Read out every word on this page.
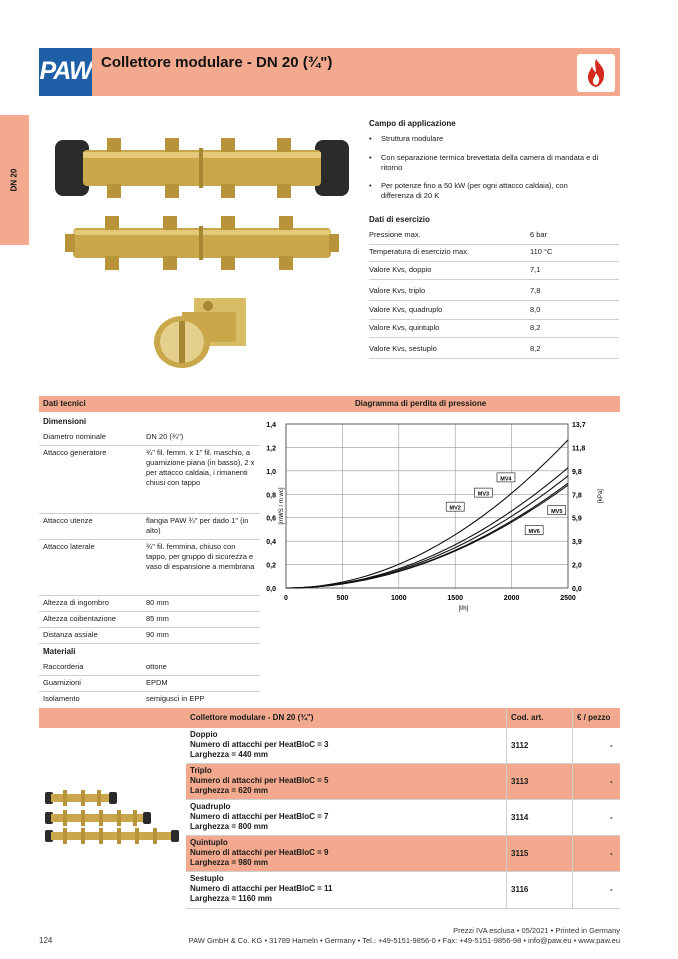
PAW Collettore modulare - DN 20 (¾")
DN 20
Campo di applicazione
•	Struttura modulare
•	Con separazione termica brevettata della camera di mandata e di ritorno
•	Per potenze fino a 50 kW (per ogni attacco caldaia), con differenza di 20 K
Dati di esercizio
Pressione max.	6 bar
Temperatura di esercizio max.	110 °C
Valore Kvs, doppio	7,1
Valore Kvs, triplo	7,8
Valore Kvs, quadruplo	8,0
Valore Kvs, quintuplo	8,2
Valore Kvs, sestuplo	8,2
Dati tecnici	Diagramma di perdita di pressione
Dimensioni
Diametro nominale	DN 20 (¾")
Attacco generatore	¾" fil. femm. x 1" fil. maschio, a guarnizione piana (in basso), 2 x per attacco caldaia, i rimanenti chiusi con tappo
Attacco utenze	flangia PAW ¾" per dado 1" (in alto)
Attacco laterale	¾" fil. femmina, chiuso con tappo, per gruppo di sicurezza e vaso di espansione a membrana
Altezza di ingombro	80 mm
Altezza coibentazione	85 mm
Distanza assiale	90 mm
Materiali
Raccorderia	ottone
Guarnizioni	EPDM
Isolamento	semigusci in EPP
0	500	1000	1500	2000	2500
0,0	0,0
0,2	2,0
0,4	3,9
0,6	5,9
0,8	7,8
1,0	9,8
1,2	11,8
1,4	13,7
[l/h]
[mWS / m wc]	[kPa]
MV2
MV3
MV4
MV5
MV6
Collettore modulare - DN 20 (¾")	Cod. art.	€ / pezzo
Doppio
Numero di attacchi per HeatBloC = 3
Larghezza = 440 mm
3112	-
Triplo
Numero di attacchi per HeatBloC = 5
Larghezza = 620 mm
3113	-
Quadruplo
Numero di attacchi per HeatBloC = 7
Larghezza = 800 mm
3114	-
Quintuplo
Numero di attacchi per HeatBloC = 9
Larghezza = 980 mm
3115	-
Sestuplo
Numero di attacchi per HeatBloC = 11
Larghezza = 1160 mm
3116	-
Prezzi IVA esclusa • 05/2021 • Printed in Germany
PAW GmbH & Co. KG • 31789 Hameln • Germany • Tel.: +49-5151-9856-0 • Fax: +49-5151-9856-98 • info@paw.eu • www.paw.eu
124
